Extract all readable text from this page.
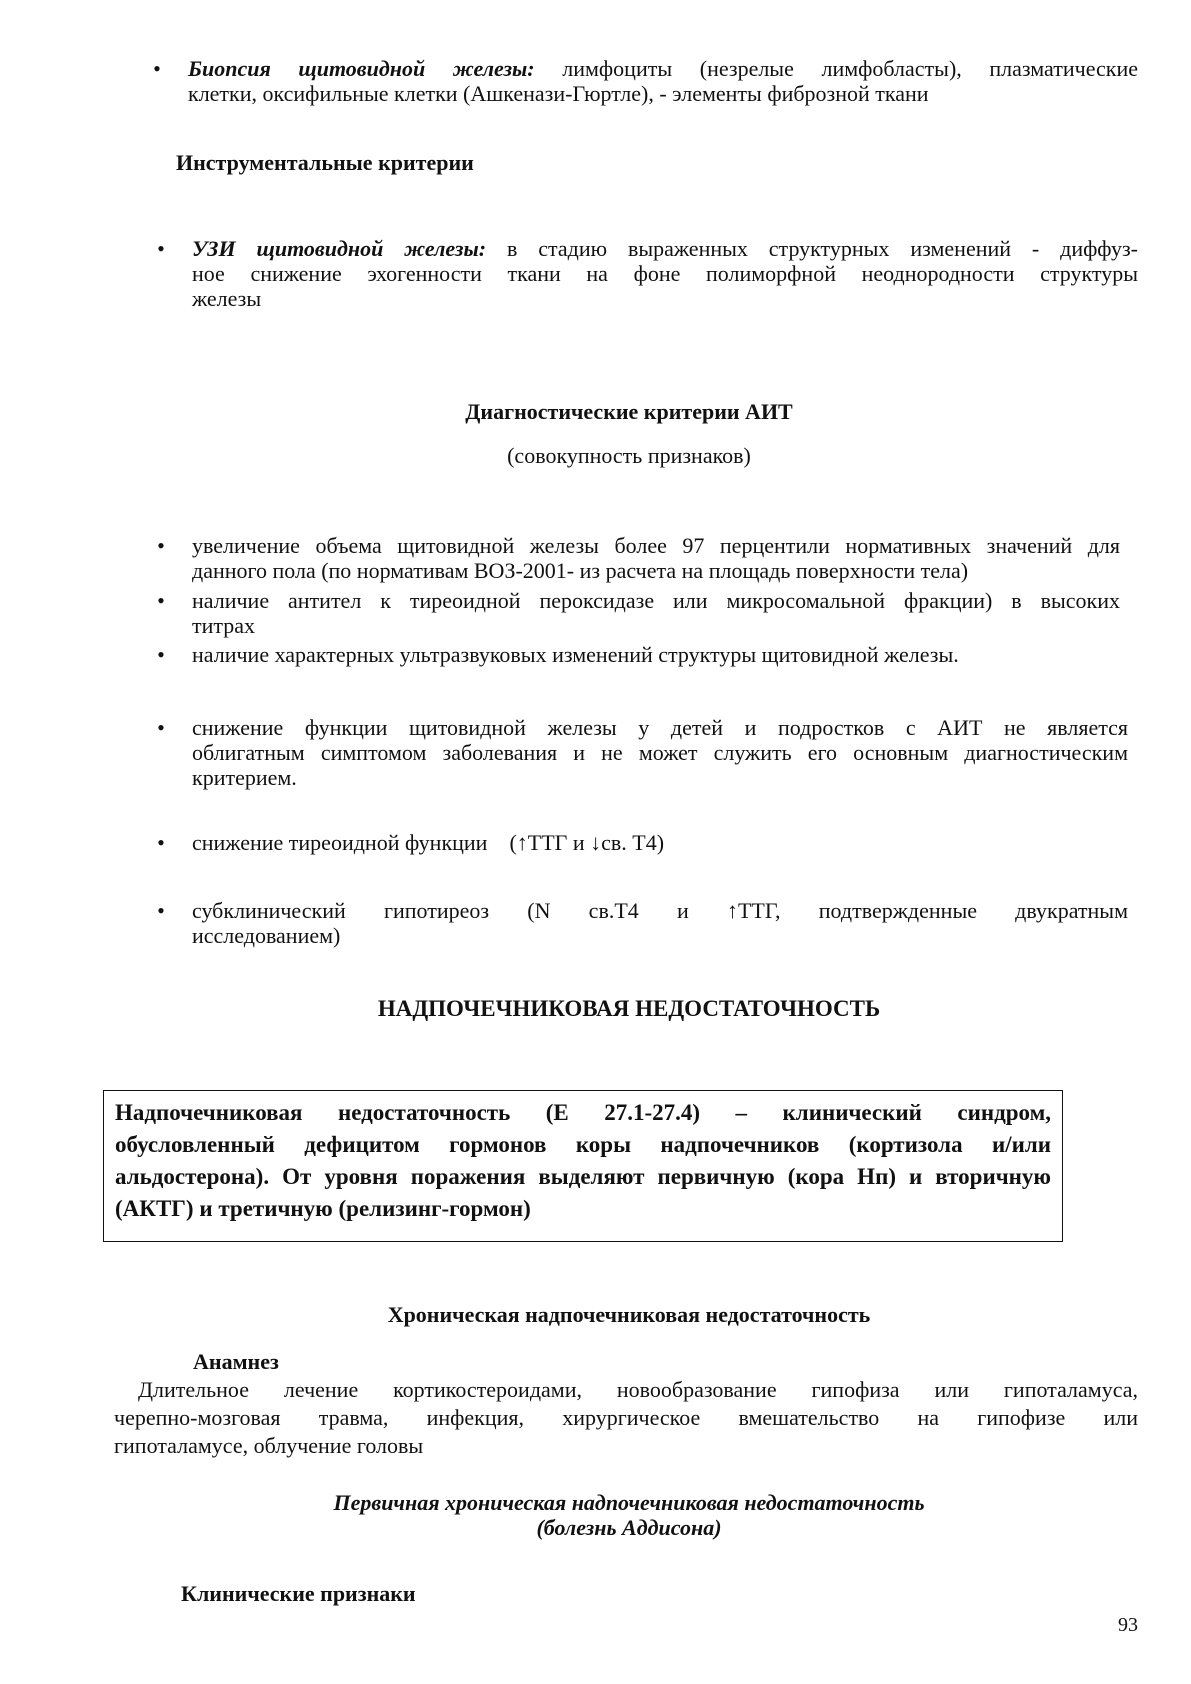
• Биопсия щитовидной железы: лимфоциты (незрелые лимфобласты), плазматические
клетки, оксифильные клетки (Ашкенази-Гюртле), - элементы фиброзной ткани
Инструментальные критерии
• УЗИ щитовидной железы: в стадию выраженных структурных изменений - диффуз-
ное снижение эхогенности ткани на фоне полиморфной неоднородности структуры
железы
Диагностические критерии АИТ
(совокупность признаков)
• увеличение объема щитовидной железы более 97 перцентили нормативных значений для
данного пола (по нормативам ВОЗ-2001- из расчета на площадь поверхности тела)
• наличие антител к тиреоидной пероксидазе или микросомальной фракции) в высоких
титрах
• наличие характерных ультразвуковых изменений структуры щитовидной железы.
• снижение функции щитовидной железы у детей и подростков с АИТ не является
облигатным симптомом заболевания и не может служить его основным диагностическим
критерием.
• снижение тиреоидной функции    (↑ТТГ и ↓св. Т4)
• субклинический гипотиреоз (N св.Т4 и ↑ТТГ, подтвержденные двукратным
исследованием)
НАДПОЧЕЧНИКОВАЯ НЕДОСТАТОЧНОСТЬ
Надпочечниковая недостаточность (Е 27.1-27.4) – клинический синдром,
обусловленный дефицитом гормонов коры надпочечников (кортизола и/или
альдостерона). От уровня поражения выделяют первичную (кора Нп) и вторичную
(АКТГ) и третичную (релизинг-гормон)
Хроническая надпочечниковая недостаточность
Анамнез
Длительное лечение кортикостероидами, новообразование гипофиза или гипоталамуса,
черепно-мозговая травма, инфекция, хирургическое вмешательство на гипофизе или
гипоталамусе, облучение головы
Первичная хроническая надпочечниковая недостаточность
(болезнь Аддисона)
Клинические признаки
93
